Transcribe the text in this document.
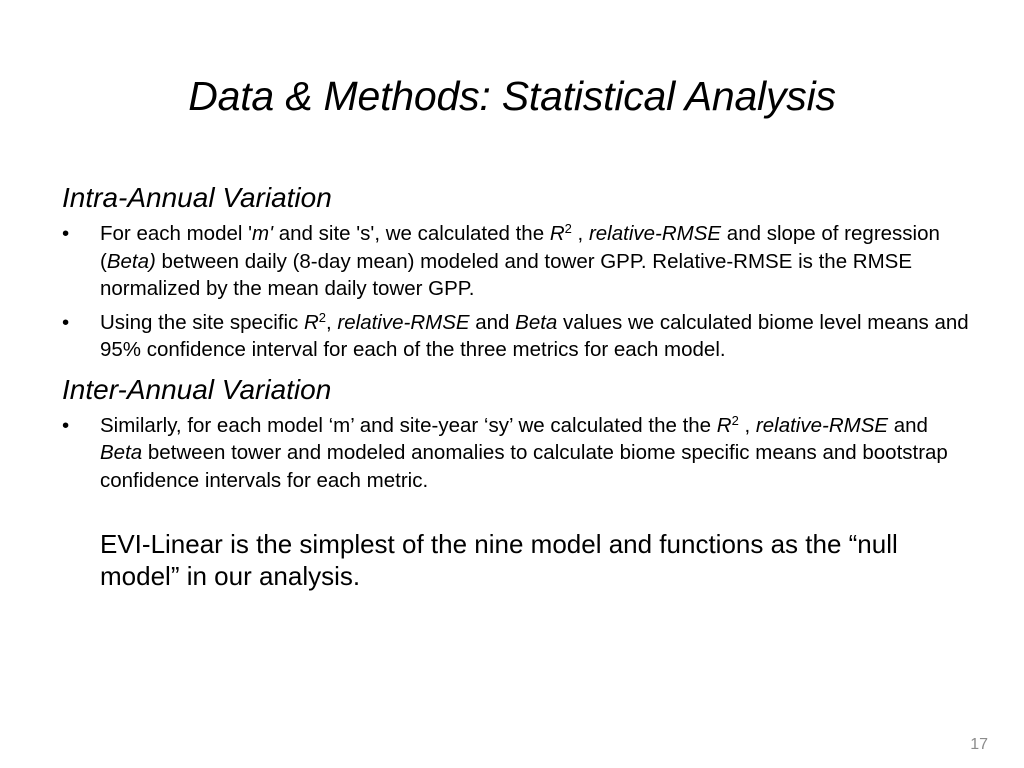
Data & Methods: Statistical Analysis
Intra-Annual Variation
• For each model 'm' and site 's', we calculated the $R^2$ , relative-RMSE and slope of regression (Beta) between daily (8-day mean) modeled and tower GPP. Relative-RMSE is the RMSE normalized by the mean daily tower GPP.
• Using the site specific $R^2$, relative-RMSE and Beta values we calculated biome level means and 95% confidence interval for each of the three metrics for each model.
Inter-Annual Variation
• Similarly, for each model ‘m’ and site-year ‘sy’ we calculated the the $R^2$ , relative-RMSE and Beta between tower and modeled anomalies to calculate biome specific means and bootstrap confidence intervals for each metric.
EVI-Linear is the simplest of the nine model and functions as the “null model” in our analysis.
17
